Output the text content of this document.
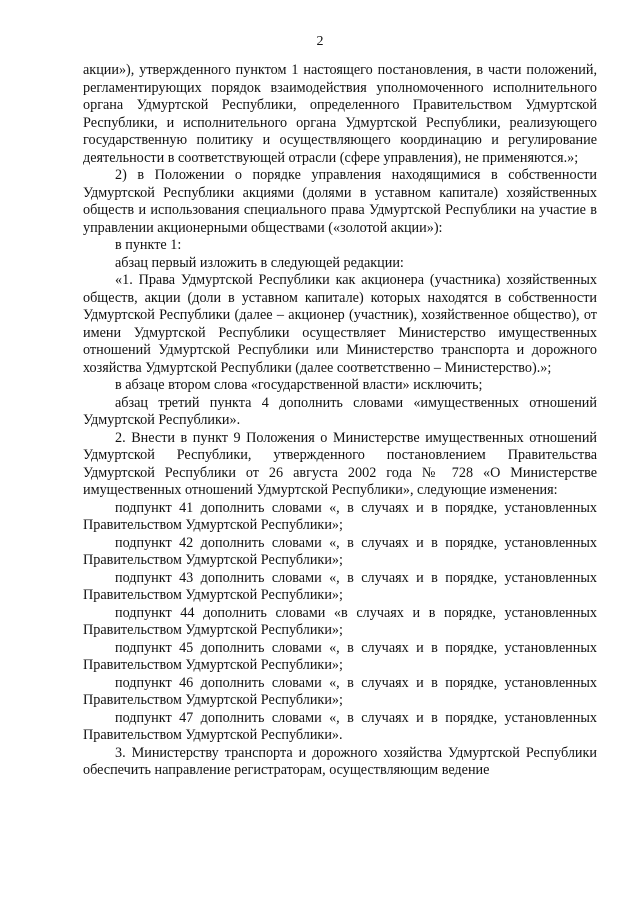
2

акции»), утвержденного пунктом 1 настоящего постановления, в части положений, регламентирующих порядок взаимодействия уполномоченного исполнительного органа Удмуртской Республики, определенного Правительством Удмуртской Республики, и исполнительного органа Удмуртской Республики, реализующего государственную политику и осуществляющего координацию и регулирование деятельности в соответствующей отрасли (сфере управления), не применяются.»;

2) в Положении о порядке управления находящимися в собственности Удмуртской Республики акциями (долями в уставном капитале) хозяйственных обществ и использования специального права Удмуртской Республики на участие в управлении акционерными обществами («золотой акции»):

в пункте 1:

абзац первый изложить в следующей редакции:

«1. Права Удмуртской Республики как акционера (участника) хозяйственных обществ, акции (доли в уставном капитале) которых находятся в собственности Удмуртской Республики (далее – акционер (участник), хозяйственное общество), от имени Удмуртской Республики осуществляет Министерство имущественных отношений Удмуртской Республики или Министерство транспорта и дорожного хозяйства Удмуртской Республики (далее соответственно – Министерство).»;

в абзаце втором слова «государственной власти» исключить;

абзац третий пункта 4 дополнить словами «имущественных отношений Удмуртской Республики».

2. Внести в пункт 9 Положения о Министерстве имущественных отношений Удмуртской Республики, утвержденного постановлением Правительства Удмуртской Республики от 26 августа 2002 года № 728 «О Министерстве имущественных отношений Удмуртской Республики», следующие изменения:

подпункт 41 дополнить словами «, в случаях и в порядке, установленных Правительством Удмуртской Республики»;

подпункт 42 дополнить словами «, в случаях и в порядке, установленных Правительством Удмуртской Республики»;

подпункт 43 дополнить словами «, в случаях и в порядке, установленных Правительством Удмуртской Республики»;

подпункт 44 дополнить словами «в случаях и в порядке, установленных Правительством Удмуртской Республики»;

подпункт 45 дополнить словами «, в случаях и в порядке, установленных Правительством Удмуртской Республики»;

подпункт 46 дополнить словами «, в случаях и в порядке, установленных Правительством Удмуртской Республики»;

подпункт 47 дополнить словами «, в случаях и в порядке, установленных Правительством Удмуртской Республики».

3. Министерству транспорта и дорожного хозяйства Удмуртской Республики обеспечить направление регистраторам, осуществляющим ведение
